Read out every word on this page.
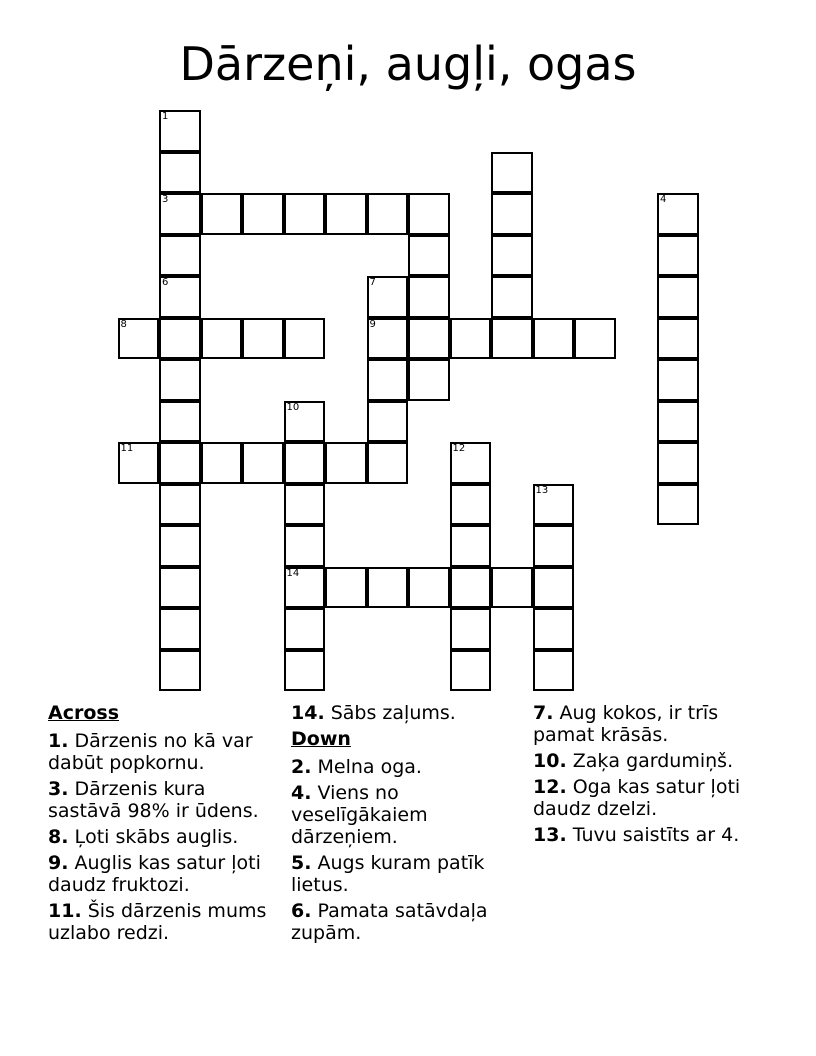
Dārzeņi, augļi, ogas
1
3
6
4
7
9
8
10
14
11	12
13
Across
1. Dārzenis no kā var dabūt popkornu.
3. Dārzenis kura sastāvā 98% ir ūdens.
8. Ļoti skābs auglis.
9. Auglis kas satur ļoti daudz fruktozi.
11. Šis dārzenis mums uzlabo redzi.
14. Sābs zaļums.
Down
2. Melna oga.
4. Viens no veselīgākaiem dārzeņiem.
5. Augs kuram patīk lietus.
6. Pamata satāvdaļa zupām.
7. Aug kokos, ir trīs pamat krāsās.
10. Zaķa gardumiņš.
12. Oga kas satur ļoti daudz dzelzi.
13. Tuvu saistīts ar 4.
